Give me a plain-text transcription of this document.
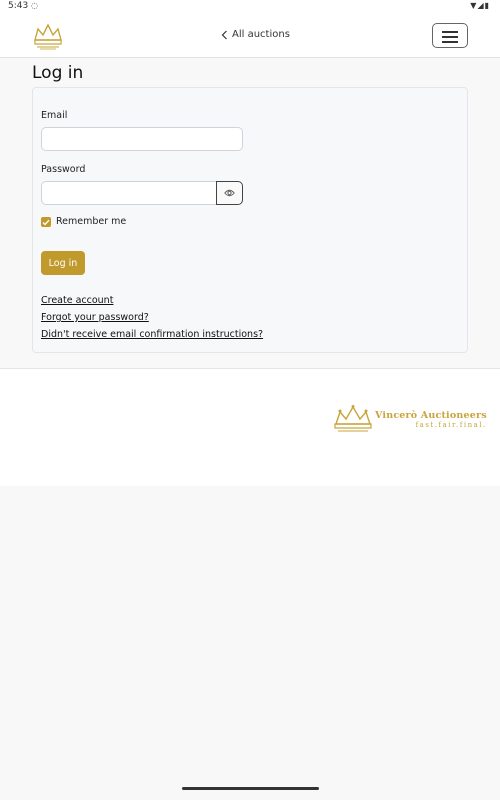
5:43 ◌	▼◢▮
All auctions
Log in
Email
Password
Remember me
Log in
Create account
Forgot your password?
Didn't receive email confirmation instructions?
Vincerò Auctioneers
fast.fair.final.
